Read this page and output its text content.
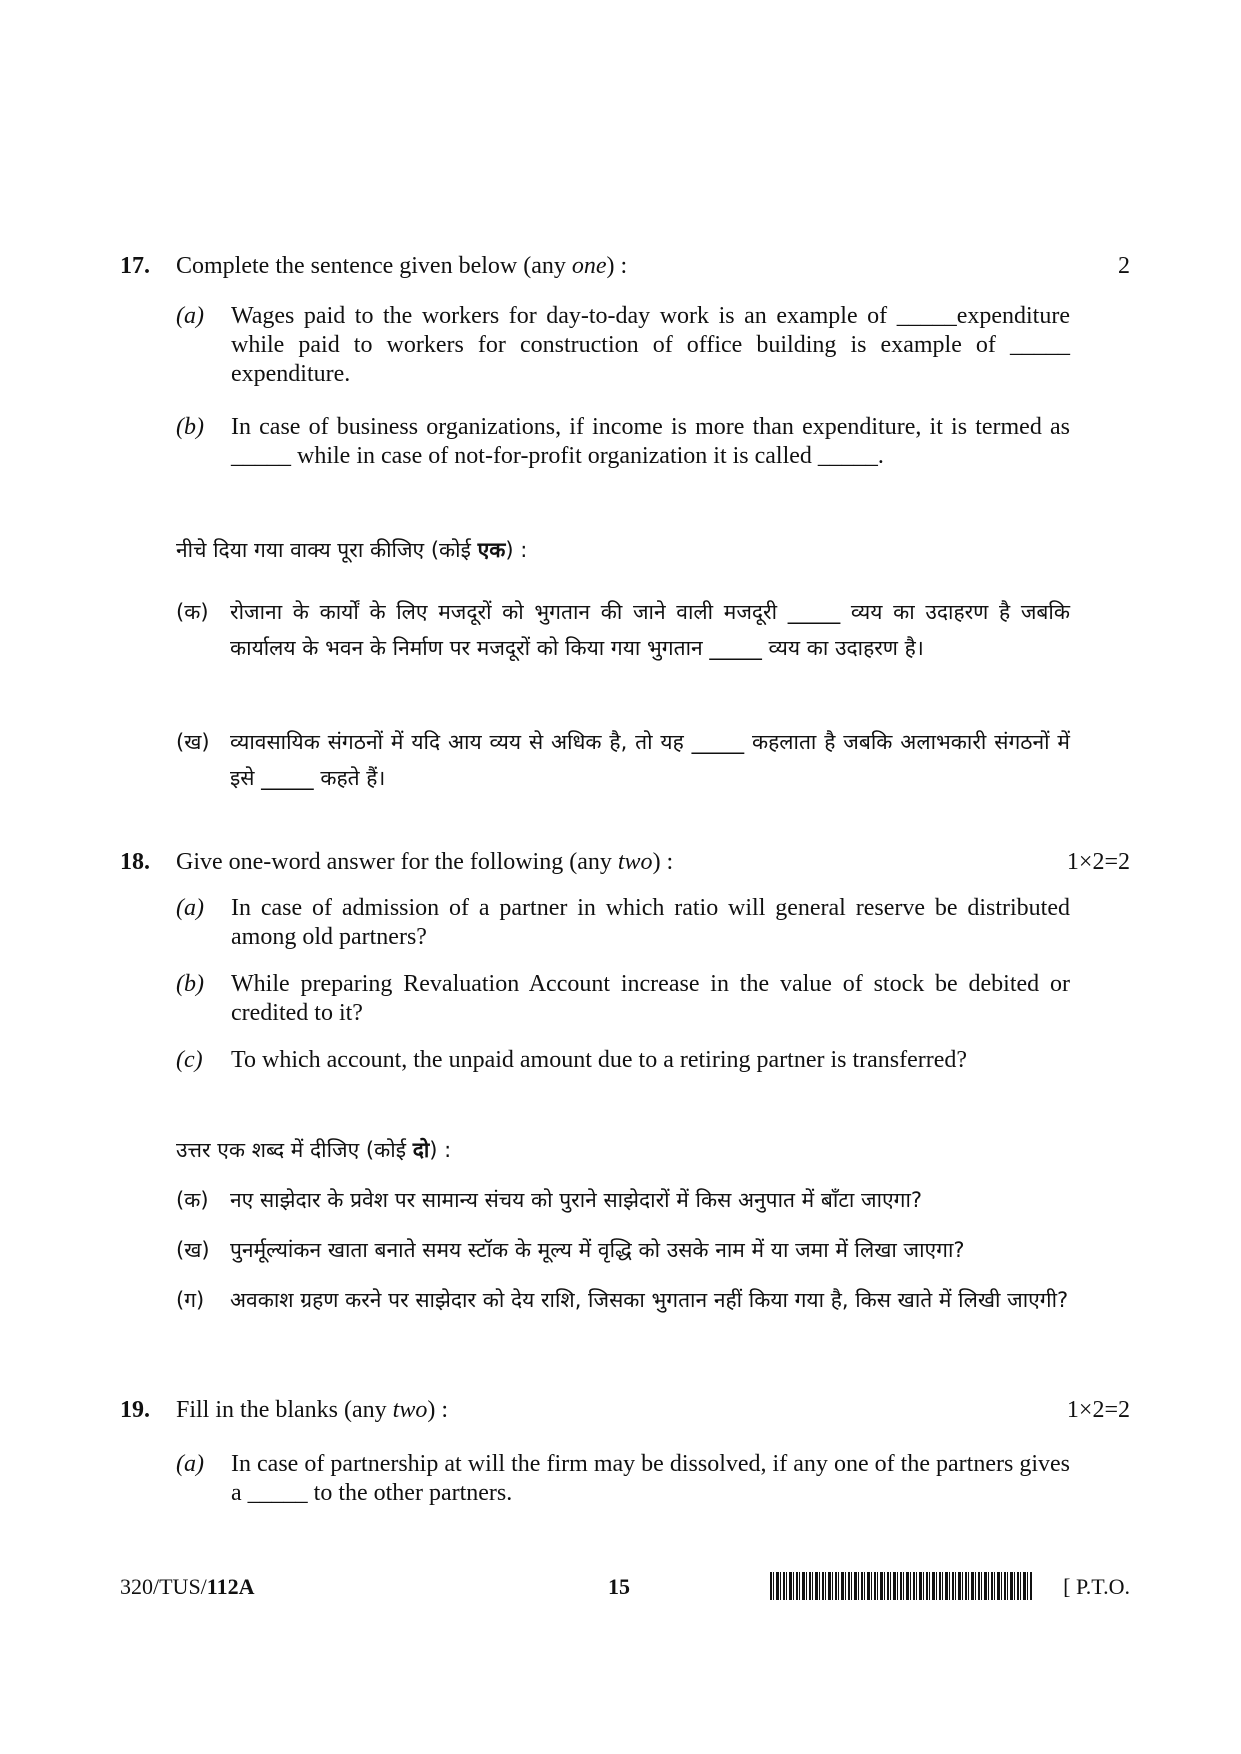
17.	Complete the sentence given below (any one) :	2
(a)	Wages paid to the workers for day-to-day work is an example of _____expenditure while paid to workers for construction of office building is example of _____ expenditure.
(b)	In case of business organizations, if income is more than expenditure, it is termed as _____ while in case of not-for-profit organization it is called _____.
नीचे दिया गया वाक्य पूरा कीजिए (कोई एक) :
(क)	रोजाना के कार्यों के लिए मजदूरों को भुगतान की जाने वाली मजदूरी _____ व्यय का उदाहरण है जबकि कार्यालय के भवन के निर्माण पर मजदूरों को किया गया भुगतान _____ व्यय का उदाहरण है।
(ख) व्यावसायिक संगठनों में यदि आय व्यय से अधिक है, तो यह _____ कहलाता है जबकि अलाभकारी संगठनों में इसे _____ कहते हैं।
18.	Give one-word answer for the following (any two) :	1×2=2
(a)	In case of admission of a partner in which ratio will general reserve be distributed among old partners?
(b)	While preparing Revaluation Account increase in the value of stock be debited or credited to it?
(c)	To which account, the unpaid amount due to a retiring partner is transferred?
उत्तर एक शब्द में दीजिए (कोई दो) :
(क)	नए साझेदार के प्रवेश पर सामान्य संचय को पुराने साझेदारों में किस अनुपात में बाँटा जाएगा?
(ख) पुनर्मूल्यांकन खाता बनाते समय स्टॉक के मूल्य में वृद्धि को उसके नाम में या जमा में लिखा जाएगा?
(ग)	अवकाश ग्रहण करने पर साझेदार को देय राशि, जिसका भुगतान नहीं किया गया है, किस खाते में लिखी जाएगी?
19.	Fill in the blanks (any two) :	1×2=2
(a)	In case of partnership at will the firm may be dissolved, if any one of the partners gives a _____ to the other partners.
320/TUS/112A	15	[ P.T.O.
